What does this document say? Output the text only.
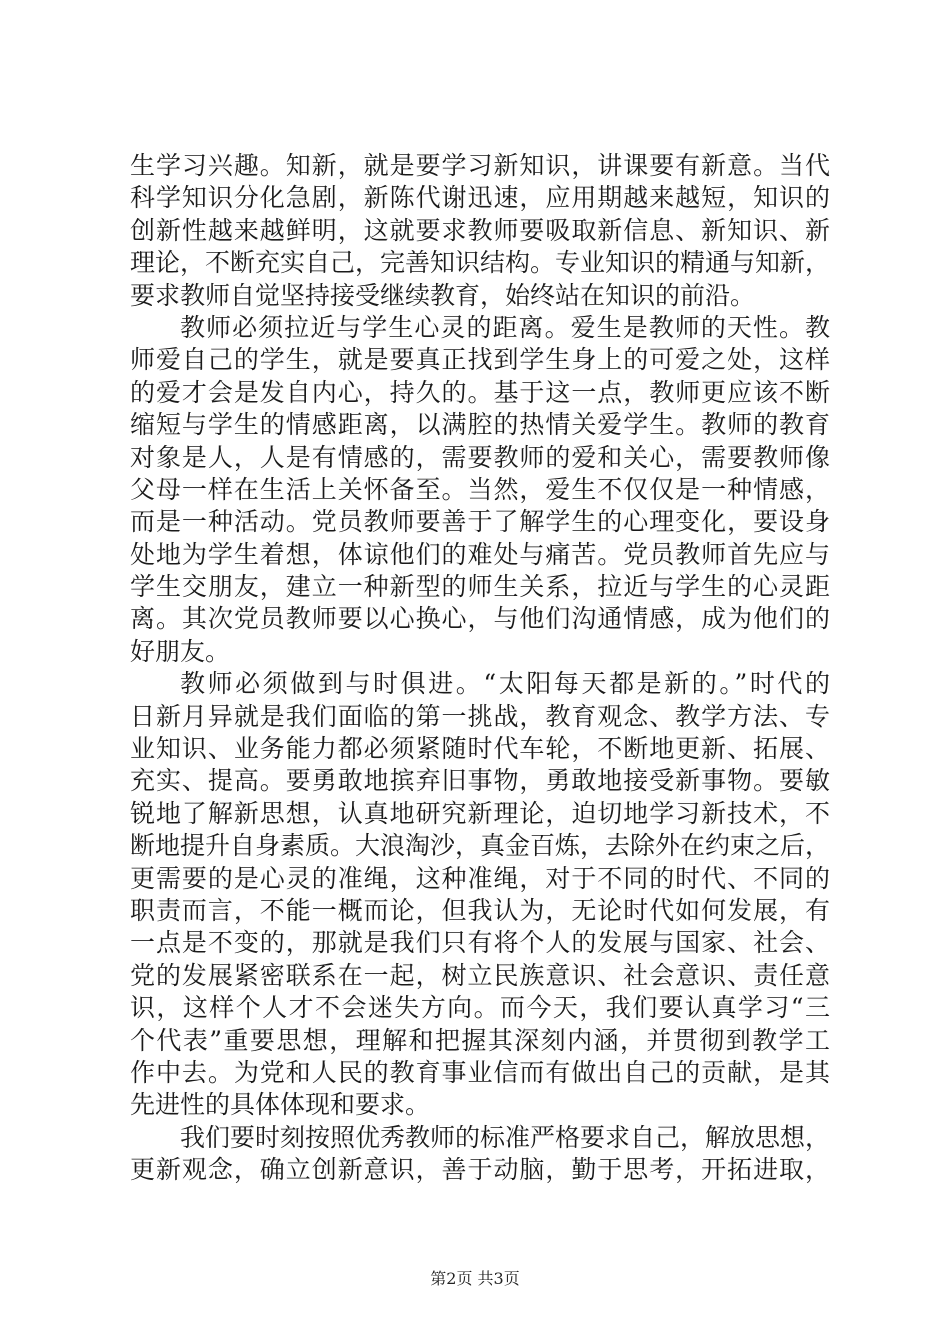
生学习兴趣。知新，就是要学习新知识，讲课要有新意。当代
科学知识分化急剧，新陈代谢迅速，应用期越来越短，知识的
创新性越来越鲜明，这就要求教师要吸取新信息、新知识、新
理论，不断充实自己，完善知识结构。专业知识的精通与知新，
要求教师自觉坚持接受继续教育，始终站在知识的前沿。
教师必须拉近与学生心灵的距离。爱生是教师的天性。教
师爱自己的学生，就是要真正找到学生身上的可爱之处，这样
的爱才会是发自内心，持久的。基于这一点，教师更应该不断
缩短与学生的情感距离，以满腔的热情关爱学生。教师的教育
对象是人，人是有情感的，需要教师的爱和关心，需要教师像
父母一样在生活上关怀备至。当然，爱生不仅仅是一种情感，
而是一种活动。党员教师要善于了解学生的心理变化，要设身
处地为学生着想，体谅他们的难处与痛苦。党员教师首先应与
学生交朋友，建立一种新型的师生关系，拉近与学生的心灵距
离。其次党员教师要以心换心，与他们沟通情感，成为他们的
好朋友。
教师必须做到与时俱进。“太阳每天都是新的。”时代的
日新月异就是我们面临的第一挑战，教育观念、教学方法、专
业知识、业务能力都必须紧随时代车轮，不断地更新、拓展、
充实、提高。要勇敢地摈弃旧事物，勇敢地接受新事物。要敏
锐地了解新思想，认真地研究新理论，迫切地学习新技术，不
断地提升自身素质。大浪淘沙，真金百炼，去除外在约束之后，
更需要的是心灵的准绳，这种准绳，对于不同的时代、不同的
职责而言，不能一概而论，但我认为，无论时代如何发展，有
一点是不变的，那就是我们只有将个人的发展与国家、社会、
党的发展紧密联系在一起，树立民族意识、社会意识、责任意
识，这样个人才不会迷失方向。而今天，我们要认真学习“三
个代表”重要思想，理解和把握其深刻内涵，并贯彻到教学工
作中去。为党和人民的教育事业信而有做出自己的贡献，是其
先进性的具体体现和要求。
我们要时刻按照优秀教师的标准严格要求自己，解放思想，
更新观念，确立创新意识，善于动脑，勤于思考，开拓进取，
第2页 共3页
